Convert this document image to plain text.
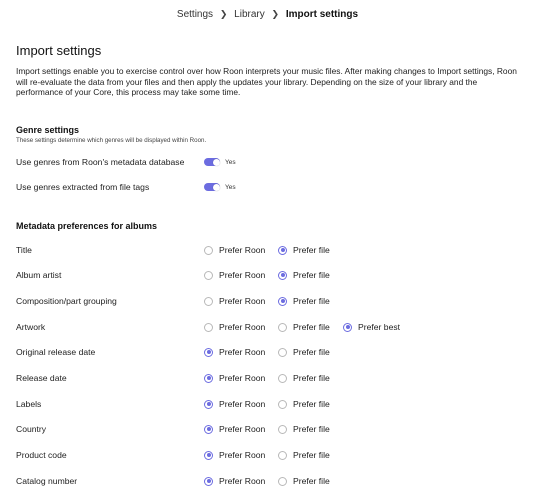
Settings ❯ Library ❯ Import settings
Import settings
Import settings enable you to exercise control over how Roon interprets your music files. After making changes to Import settings, Roon will re-evaluate the data from your files and then apply the updates your library. Depending on the size of your library and the performance of your Core, this process may take some time.
Genre settings
These settings determine which genres will be displayed within Roon.
Use genres from Roon's metadata database	Yes
Use genres extracted from file tags	Yes
Metadata preferences for albums
Title	Prefer Roon	Prefer file
Album artist	Prefer Roon	Prefer file
Composition/part grouping	Prefer Roon	Prefer file
Artwork	Prefer Roon	Prefer file	Prefer best
Original release date	Prefer Roon	Prefer file
Release date	Prefer Roon	Prefer file
Labels	Prefer Roon	Prefer file
Country	Prefer Roon	Prefer file
Product code	Prefer Roon	Prefer file
Catalog number	Prefer Roon	Prefer file
